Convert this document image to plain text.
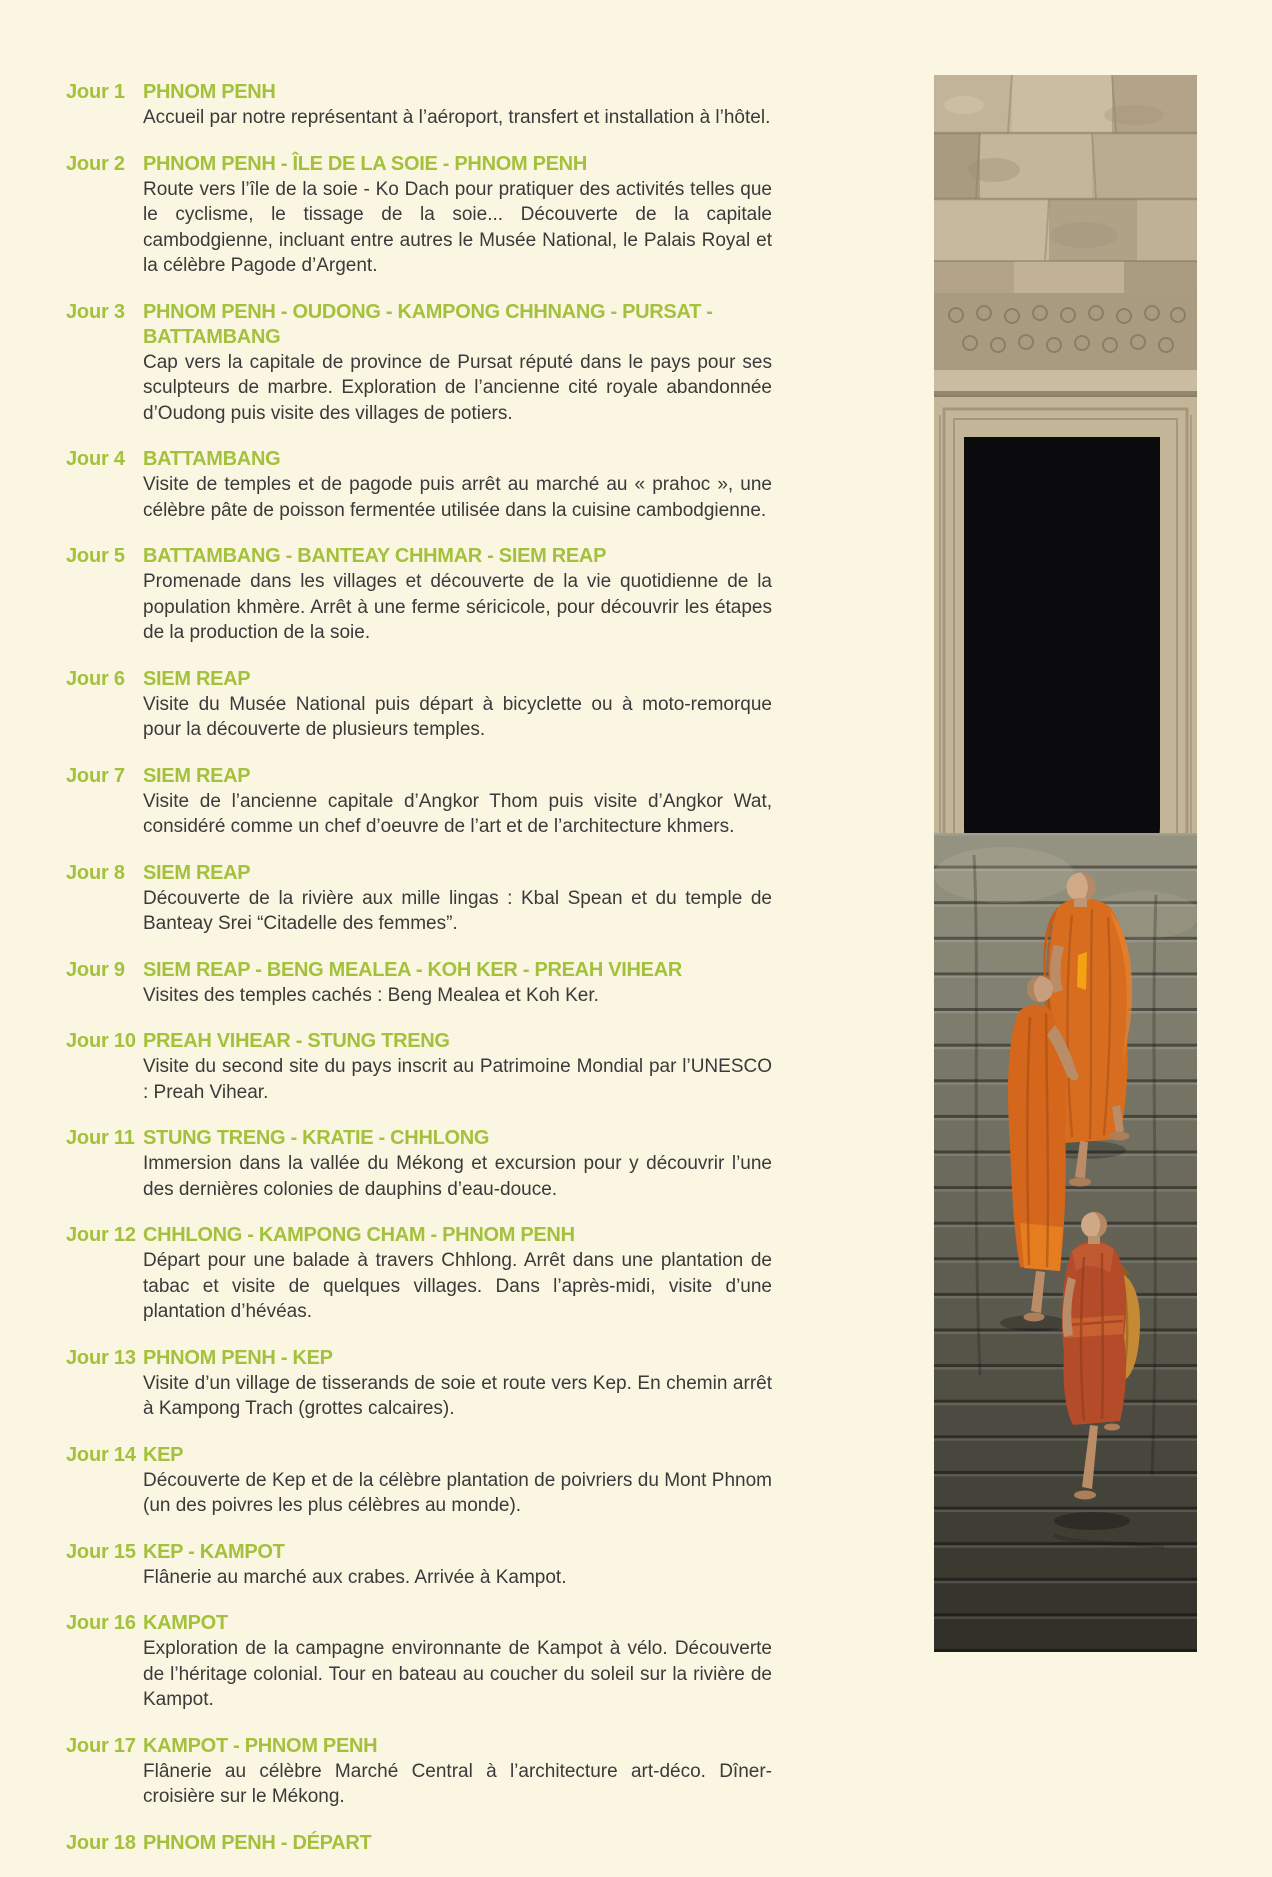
Jour 1 PHNOM PENH

Accueil par notre représentant à l’aéroport, transfert et installation à l’hôtel.

Jour 2 PHNOM PENH - ÎLE DE LA SOIE - PHNOM PENH

Route vers l’île de la soie - Ko Dach pour pratiquer des activités telles que le cyclisme, le tissage de la soie... Découverte de la capitale cambodgienne, incluant entre autres le Musée National, le Palais Royal et la célèbre Pagode d’Argent.

Jour 3 PHNOM PENH - OUDONG - KAMPONG CHHNANG - PURSAT - BATTAMBANG

Cap vers la capitale de province de Pursat réputé dans le pays pour ses sculpteurs de marbre. Exploration de l’ancienne cité royale abandonnée d’Oudong puis visite des villages de potiers.

Jour 4 BATTAMBANG

Visite de temples et de pagode puis arrêt au marché au « prahoc », une célèbre pâte de poisson fermentée utilisée dans la cuisine cambodgienne.

Jour 5 BATTAMBANG - BANTEAY CHHMAR - SIEM REAP

Promenade dans les villages et découverte de la vie quotidienne de la population khmère. Arrêt à une ferme séricicole, pour découvrir les étapes de la production de la soie.

Jour 6 SIEM REAP

Visite du Musée National puis départ à bicyclette ou à moto-remorque pour la découverte de plusieurs temples.

Jour 7 SIEM REAP

Visite de l’ancienne capitale d’Angkor Thom puis visite d’Angkor Wat, considéré comme un chef d’oeuvre de l’art et de l’architecture khmers.

Jour 8 SIEM REAP

Découverte de la rivière aux mille lingas : Kbal Spean et du temple de Banteay Srei “Citadelle des femmes”.

Jour 9 SIEM REAP - BENG MEALEA - KOH KER - PREAH VIHEAR

Visites des temples cachés : Beng Mealea et Koh Ker.

Jour 10 PREAH VIHEAR - STUNG TRENG

Visite du second site du pays inscrit au Patrimoine Mondial par l’UNESCO : Preah Vihear.

Jour 11 STUNG TRENG - KRATIE - CHHLONG

Immersion dans la vallée du Mékong et excursion pour y découvrir l’une des dernières colonies de dauphins d’eau-douce.

Jour 12 CHHLONG - KAMPONG CHAM - PHNOM PENH

Départ pour une balade à travers Chhlong. Arrêt dans une plantation de tabac et visite de quelques villages. Dans l’après-midi, visite d’une plantation d’hévéas.

Jour 13 PHNOM PENH - KEP

Visite d’un village de tisserands de soie et route vers Kep. En chemin arrêt à Kampong Trach (grottes calcaires).

Jour 14 KEP

Découverte de Kep et de la célèbre plantation de poivriers du Mont Phnom (un des poivres les plus célèbres au monde).

Jour 15 KEP - KAMPOT

Flânerie au marché aux crabes. Arrivée à Kampot.

Jour 16 KAMPOT

Exploration de la campagne environnante de Kampot à vélo. Découverte de l’héritage colonial. Tour en bateau au coucher du soleil sur la rivière de Kampot.

Jour 17 KAMPOT - PHNOM PENH

Flânerie au célèbre Marché Central à l’architecture art-déco. Dîner-croisière sur le Mékong.

Jour 18 PHNOM PENH - DÉPART
